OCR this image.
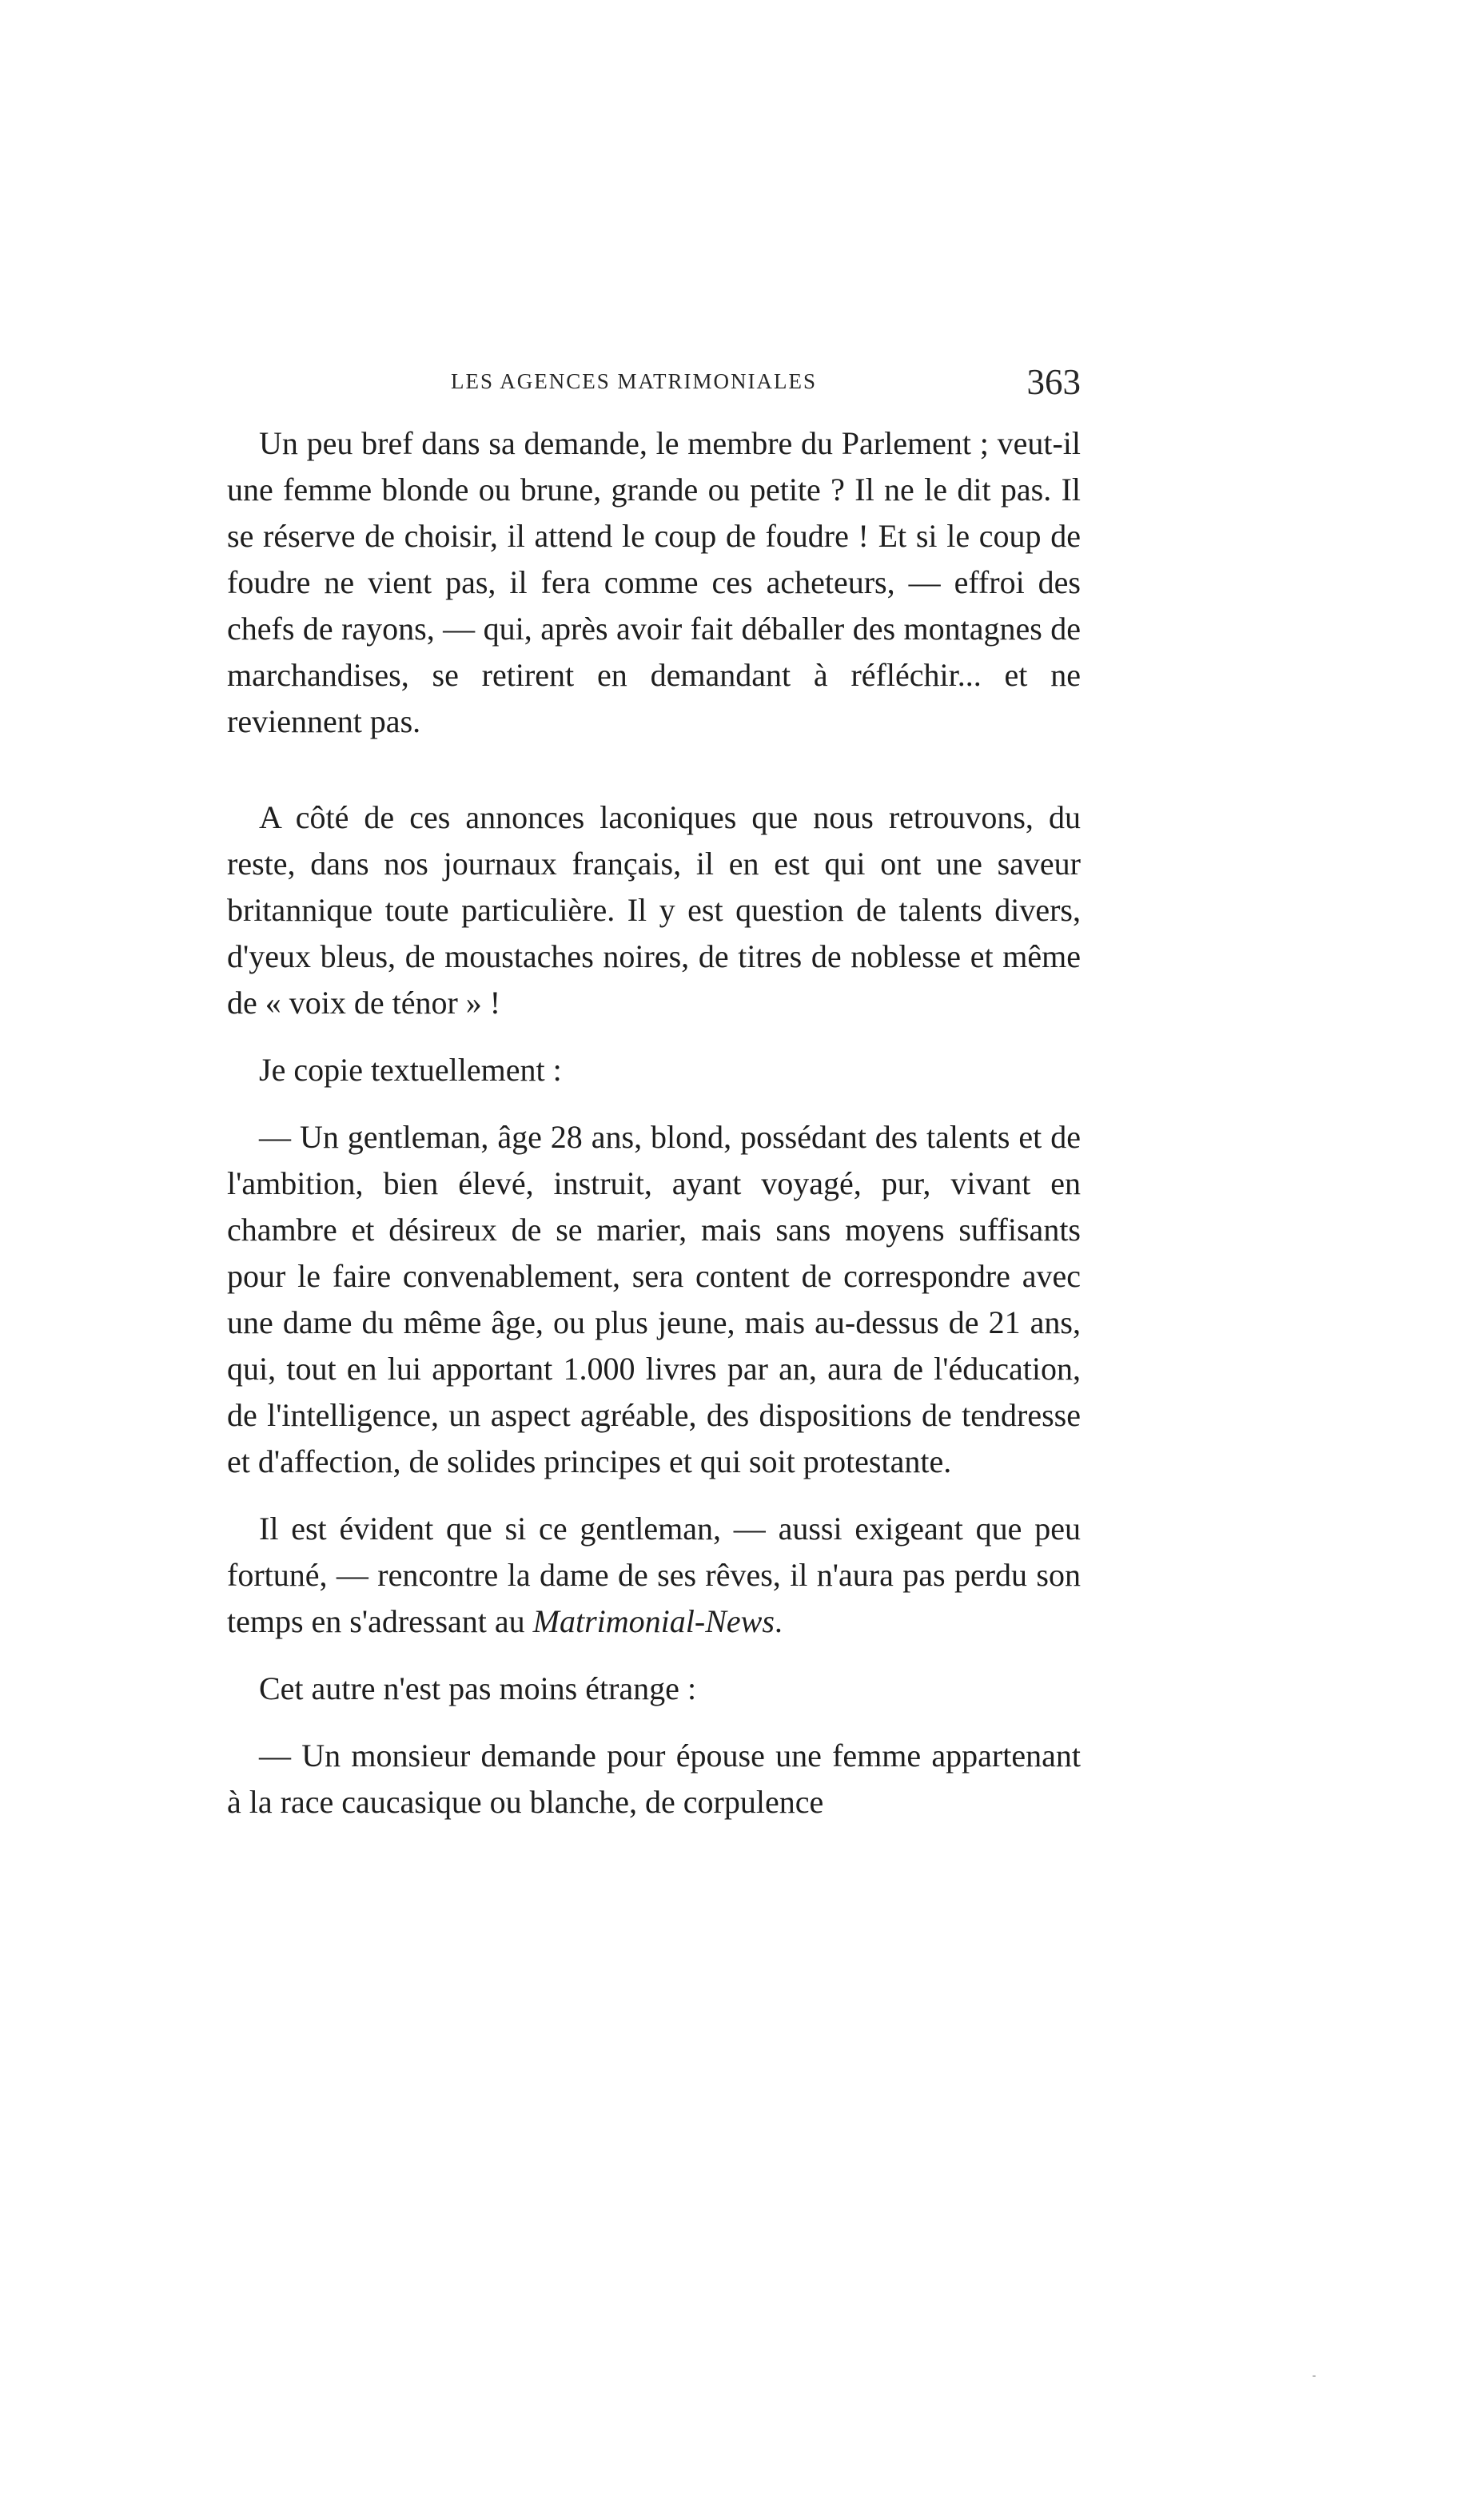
LES AGENCES MATRIMONIALES	363

Un peu bref dans sa demande, le membre du Parlement ; veut-il une femme blonde ou brune, grande ou petite ? Il ne le dit pas. Il se réserve de choisir, il attend le coup de foudre ! Et si le coup de foudre ne vient pas, il fera comme ces acheteurs, — effroi des chefs de rayons, — qui, après avoir fait déballer des montagnes de marchandises, se retirent en demandant à réfléchir... et ne reviennent pas.

A côté de ces annonces laconiques que nous retrouvons, du reste, dans nos journaux français, il en est qui ont une saveur britannique toute particulière. Il y est question de talents divers, d'yeux bleus, de moustaches noires, de titres de noblesse et même de « voix de ténor » !

Je copie textuellement :

— Un gentleman, âge 28 ans, blond, possédant des talents et de l'ambition, bien élevé, instruit, ayant voyagé, pur, vivant en chambre et désireux de se marier, mais sans moyens suffisants pour le faire convenablement, sera content de correspondre avec une dame du même âge, ou plus jeune, mais au-dessus de 21 ans, qui, tout en lui apportant 1.000 livres par an, aura de l'éducation, de l'intelligence, un aspect agréable, des dispositions de tendresse et d'affection, de solides principes et qui soit protestante.

Il est évident que si ce gentleman, — aussi exigeant que peu fortuné, — rencontre la dame de ses rêves, il n'aura pas perdu son temps en s'adressant au Matrimonial-News.

Cet autre n'est pas moins étrange :

— Un monsieur demande pour épouse une femme appartenant à la race caucasique ou blanche, de corpulence
